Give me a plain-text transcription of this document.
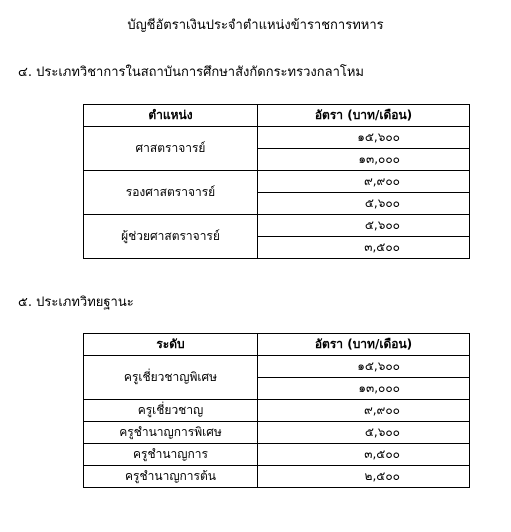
บัญชีอัตราเงินประจำตำแหน่งข้าราชการทหาร
๔. ประเภทวิชาการในสถาบันการศึกษาสังกัดกระทรวงกลาโหม
ตำแหน่ง	อัตรา (บาท/เดือน)
ศาสตราจารย์	๑๕,๖๐๐
	๑๓,๐๐๐
รองศาสตราจารย์	๙,๙๐๐
	๕,๖๐๐
ผู้ช่วยศาสตราจารย์	๕,๖๐๐
	๓,๕๐๐
๕. ประเภทวิทยฐานะ
ระดับ	อัตรา (บาท/เดือน)
ครูเชี่ยวชาญพิเศษ	๑๕,๖๐๐
	๑๓,๐๐๐
ครูเชี่ยวชาญ	๙,๙๐๐
ครูชำนาญการพิเศษ	๕,๖๐๐
ครูชำนาญการ	๓,๕๐๐
ครูชำนาญการต้น	๒,๕๐๐
